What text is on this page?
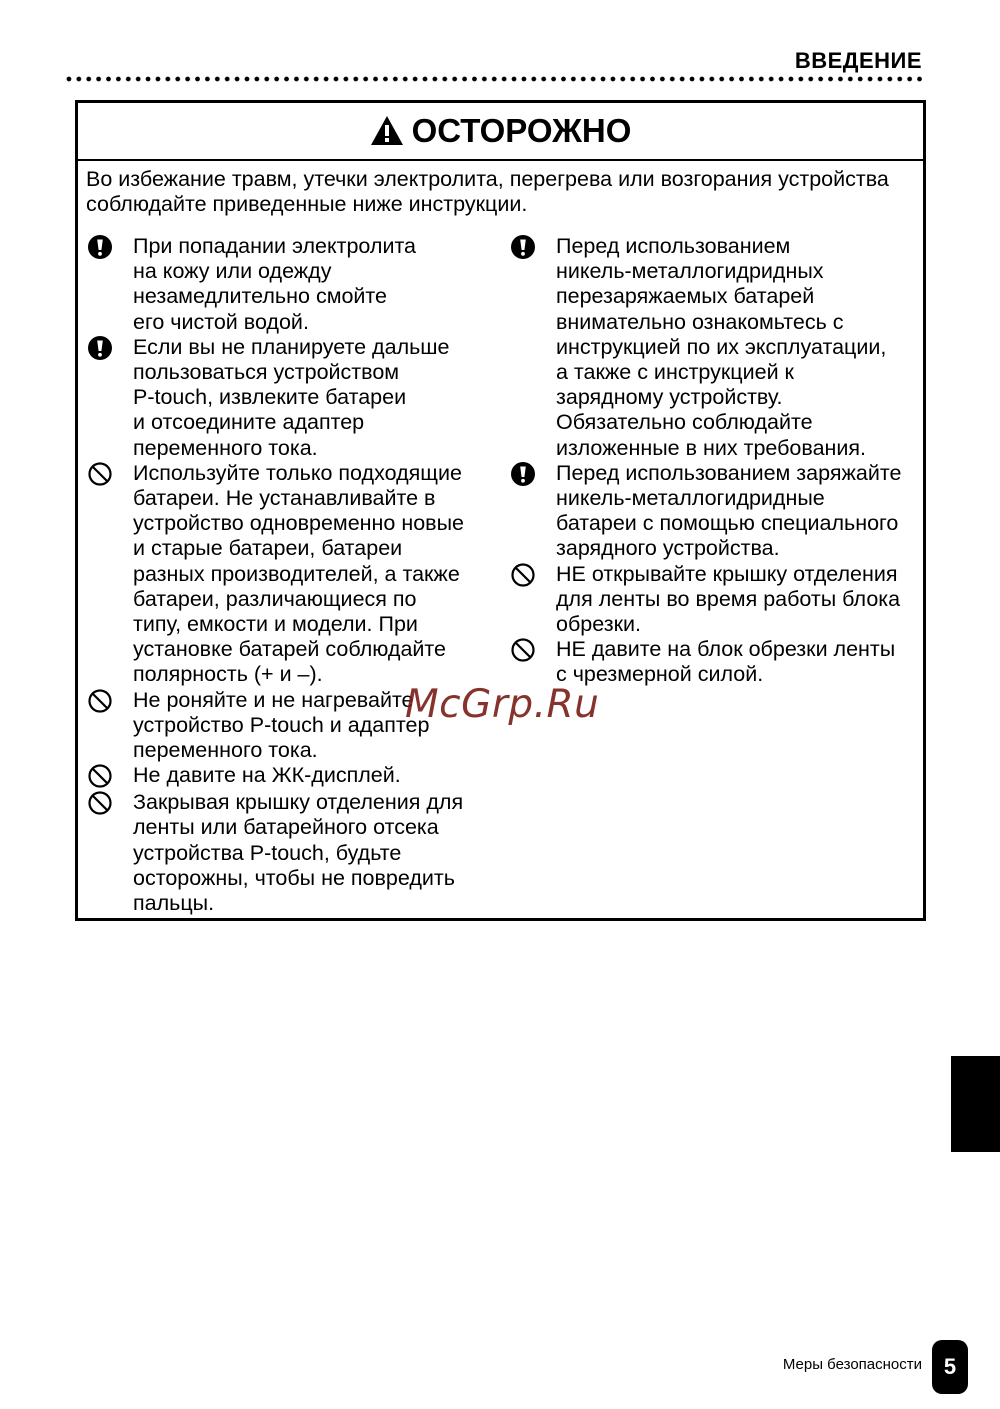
ВВЕДЕНИЕ
ОСТОРОЖНО
Во избежание травм, утечки электролита, перегрева или возгорания устройства соблюдайте приведенные ниже инструкции.
При попадании электролита
на кожу или одежду
незамедлительно смойте
его чистой водой.
Если вы не планируете дальше
пользоваться устройством
P-touch, извлеките батареи
и отсоедините адаптер
переменного тока.
Используйте только подходящие
батареи. Не устанавливайте в
устройство одновременно новые
и старые батареи, батареи
разных производителей, а также
батареи, различающиеся по
типу, емкости и модели. При
установке батарей соблюдайте
полярность (+ и –).
Не роняйте и не нагревайте
устройство P-touch и адаптер
переменного тока.
Не давите на ЖК-дисплей.
Закрывая крышку отделения для
ленты или батарейного отсека
устройства P-touch, будьте
осторожны, чтобы не повредить
пальцы.
Перед использованием
никель-металлогидридных
перезаряжаемых батарей
внимательно ознакомьтесь с
инструкцией по их эксплуатации,
а также с инструкцией к
зарядному устройству.
Обязательно соблюдайте
изложенные в них требования.
Перед использованием заряжайте
никель-металлогидридные
батареи с помощью специального
зарядного устройства.
НЕ открывайте крышку отделения
для ленты во время работы блока
обрезки.
НЕ давите на блок обрезки ленты
с чрезмерной силой.
McGrp.Ru
Меры безопасности 5
